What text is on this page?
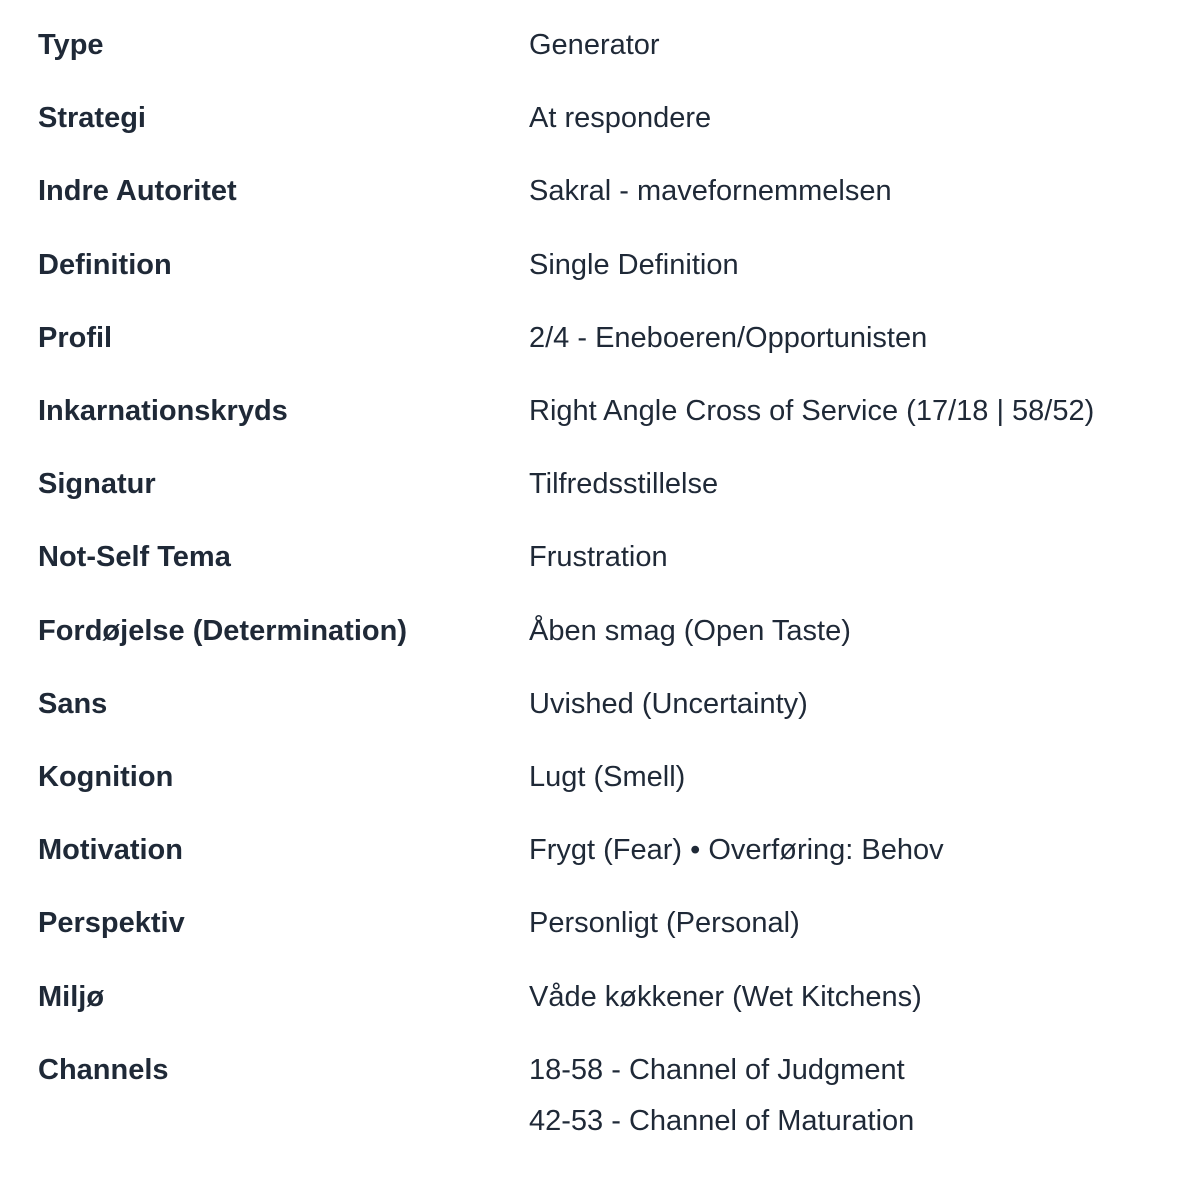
Type	Generator
Strategi	At respondere
Indre Autoritet	Sakral - mavefornemmelsen
Definition	Single Definition
Profil	2/4 - Eneboeren/Opportunisten
Inkarnationskryds	Right Angle Cross of Service (17/18 | 58/52)
Signatur	Tilfredsstillelse
Not-Self Tema	Frustration
Fordøjelse (Determination)	Åben smag (Open Taste)
Sans	Uvished (Uncertainty)
Kognition	Lugt (Smell)
Motivation	Frygt (Fear) • Overføring: Behov
Perspektiv	Personligt (Personal)
Miljø	Våde køkkener (Wet Kitchens)
Channels	18-58 - Channel of Judgment
42-53 - Channel of Maturation
